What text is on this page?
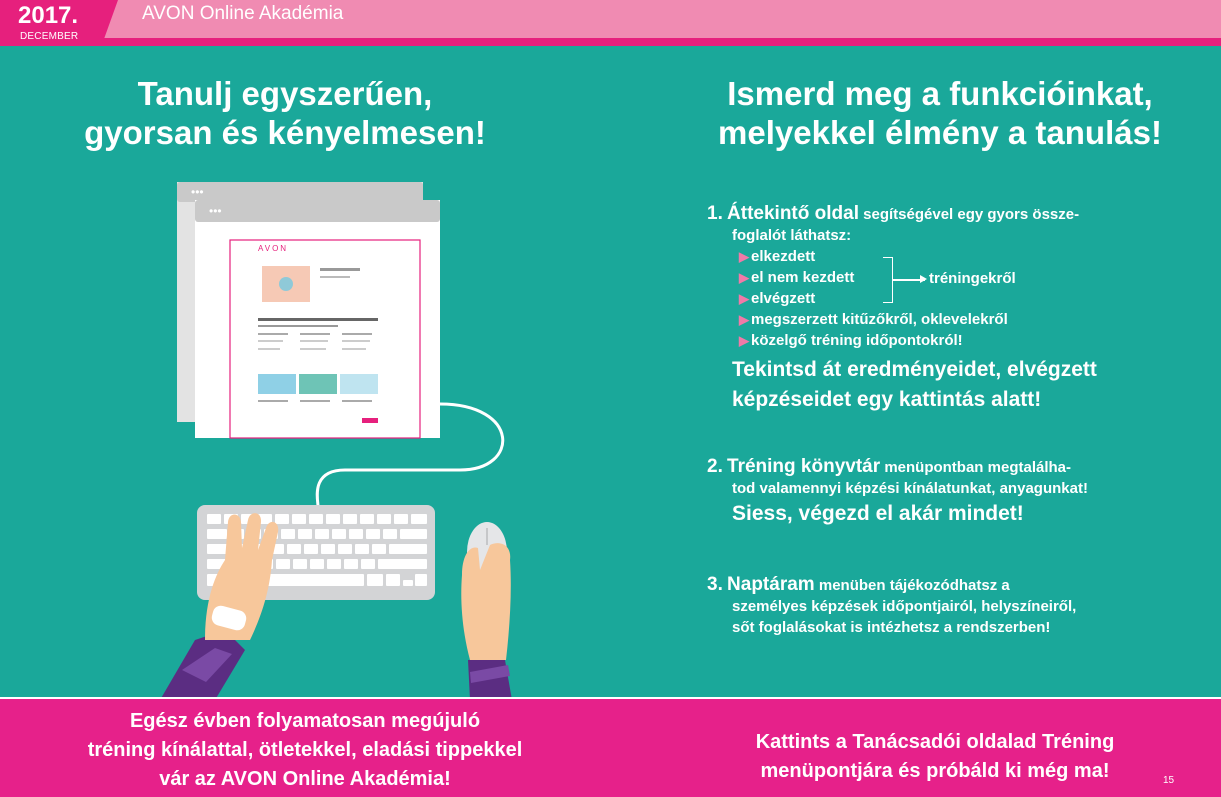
2017.
DECEMBER
AVON Online Akadémia
Tanulj egyszerűen,
gyorsan és kényelmesen!
Ismerd meg a funkcióinkat,
melyekkel élmény a tanulás!
•••
•••
AVON
1. Áttekintő oldal segítségével egy gyors össze-
foglalót láthatsz:
▶ elkezdett
▶ el nem kezdett
▶ elvégzett
▶ megszerzett kitűzőkről, oklevelekről
▶ közelgő tréning időpontokról!
Tekintsd át eredményeidet, elvégzett
képzéseidet egy kattintás alatt!
tréningekről
2. Tréning könyvtár menüpontban megtalálha-
tod valamennyi képzési kínálatunkat, anyagunkat!
Siess, végezd el akár mindet!
3. Naptáram menüben tájékozódhatsz a
személyes képzések időpontjairól, helyszíneiről,
sőt foglalásokat is intézhetsz a rendszerben!
Egész évben folyamatosan megújuló
tréning kínálattal, ötletekkel, eladási tippekkel
vár az AVON Online Akadémia!
Kattints a Tanácsadói oldalad Tréning
menüpontjára és próbáld ki még ma!	15
